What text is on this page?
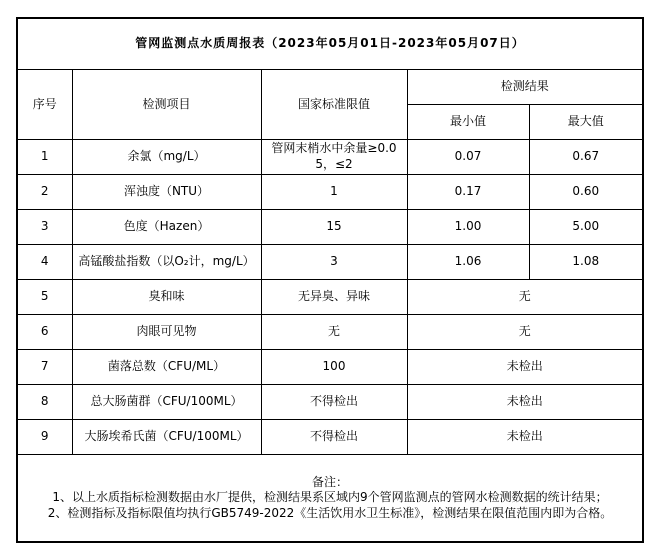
管网监测点水质周报表（2023年05月01日-2023年05月07日）				
序号	检测项目	国家标准限值	检测结果	
			最小值	最大值
1	余氯（mg/L）	管网末梢水中余量≥0.05，≤2	0.07	0.67
2	浑浊度（NTU）	1	0.17	0.60
3	色度（Hazen）	15	1.00	5.00
4	高锰酸盐指数（以O₂计，mg/L）	3	1.06	1.08
5	臭和味	无异臭、异味	无	
6	肉眼可见物	无	无	
7	菌落总数（CFU/ML）	100	未检出	
8	总大肠菌群（CFU/100ML）	不得检出	未检出	
9	大肠埃希氏菌（CFU/100ML）	不得检出	未检出	

备注：
1、以上水质指标检测数据由水厂提供，检测结果系区域内9个管网监测点的管网水检测数据的统计结果；
2、检测指标及指标限值均执行GB5749-2022《生活饮用水卫生标准》，检测结果在限值范围内即为合格。				
